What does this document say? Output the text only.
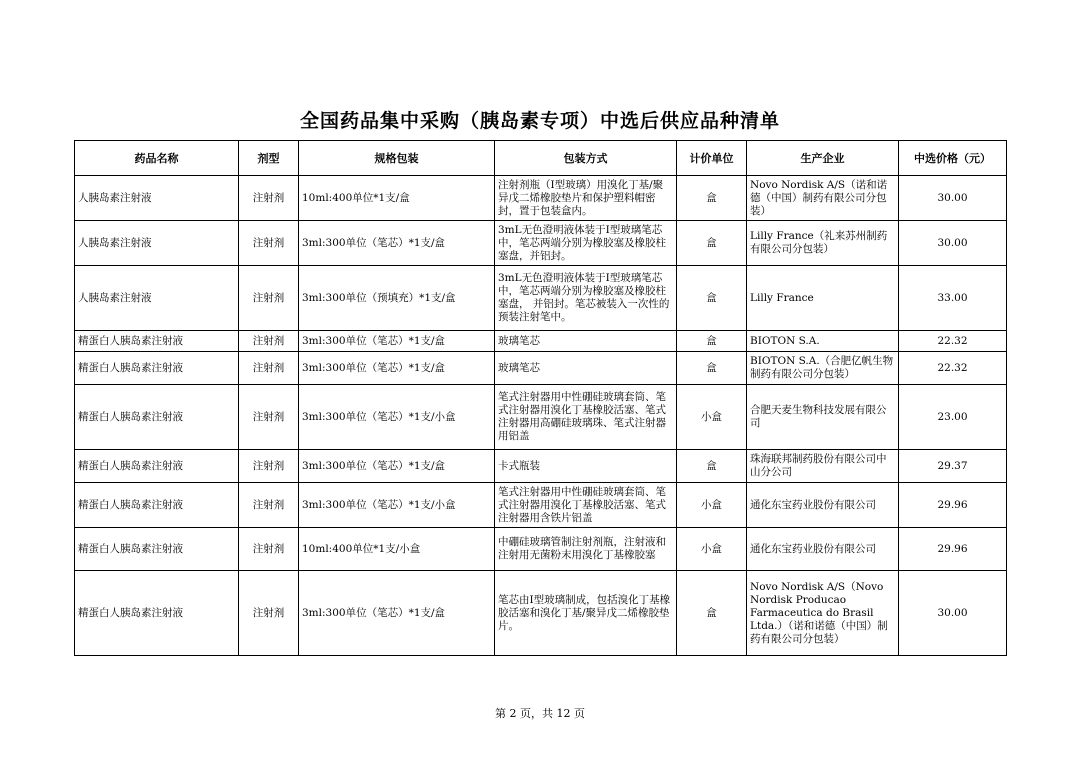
全国药品集中采购（胰岛素专项）中选后供应品种清单
药品名称	剂型	规格包装	包装方式	计价单位	生产企业	中选价格（元）
人胰岛素注射液	注射剂	10ml:400单位*1支/盒	注射剂瓶（I型玻璃）用溴化丁基/聚异戊二烯橡胶垫片和保护塑料帽密封，置于包装盒内。	盒	Novo Nordisk A/S（诺和诺德（中国）制药有限公司分包装）	30.00
人胰岛素注射液	注射剂	3ml:300单位（笔芯）*1支/盒	3mL无色澄明液体装于Ⅰ型玻璃笔芯中，笔芯两端分别为橡胶塞及橡胶柱塞盘，并铝封。	盒	Lilly France（礼来苏州制药有限公司分包装）	30.00
人胰岛素注射液	注射剂	3ml:300单位（预填充）*1支/盒	3mL无色澄明液体装于Ⅰ型玻璃笔芯中，笔芯两端分别为橡胶塞及橡胶柱塞盘， 并铝封。笔芯被装入一次性的预装注射笔中。	盒	Lilly France	33.00
精蛋白人胰岛素注射液	注射剂	3ml:300单位（笔芯）*1支/盒	玻璃笔芯	盒	BIOTON S.A.	22.32
精蛋白人胰岛素注射液	注射剂	3ml:300单位（笔芯）*1支/盒	玻璃笔芯	盒	BIOTON S.A.（合肥亿帆生物制药有限公司分包装）	22.32
精蛋白人胰岛素注射液	注射剂	3ml:300单位（笔芯）*1支/小盒	笔式注射器用中性硼硅玻璃套筒、笔式注射器用溴化丁基橡胶活塞、笔式注射器用高硼硅玻璃珠、笔式注射器用铝盖	小盒	合肥天麦生物科技发展有限公司	23.00
精蛋白人胰岛素注射液	注射剂	3ml:300单位（笔芯）*1支/盒	卡式瓶装	盒	珠海联邦制药股份有限公司中山分公司	29.37
精蛋白人胰岛素注射液	注射剂	3ml:300单位（笔芯）*1支/小盒	笔式注射器用中性硼硅玻璃套筒、笔式注射器用溴化丁基橡胶活塞、笔式注射器用含铁片铝盖	小盒	通化东宝药业股份有限公司	29.96
精蛋白人胰岛素注射液	注射剂	10ml:400单位*1支/小盒	中硼硅玻璃管制注射剂瓶，注射液和注射用无菌粉末用溴化丁基橡胶塞	小盒	通化东宝药业股份有限公司	29.96
精蛋白人胰岛素注射液	注射剂	3ml:300单位（笔芯）*1支/盒	笔芯由I型玻璃制成，包括溴化丁基橡胶活塞和溴化丁基/聚异戊二烯橡胶垫片。	盒	Novo Nordisk A/S（Novo Nordisk Producao Farmaceutica do Brasil Ltda.）（诺和诺德（中国）制药有限公司分包装）	30.00
第 2 页，共 12 页
